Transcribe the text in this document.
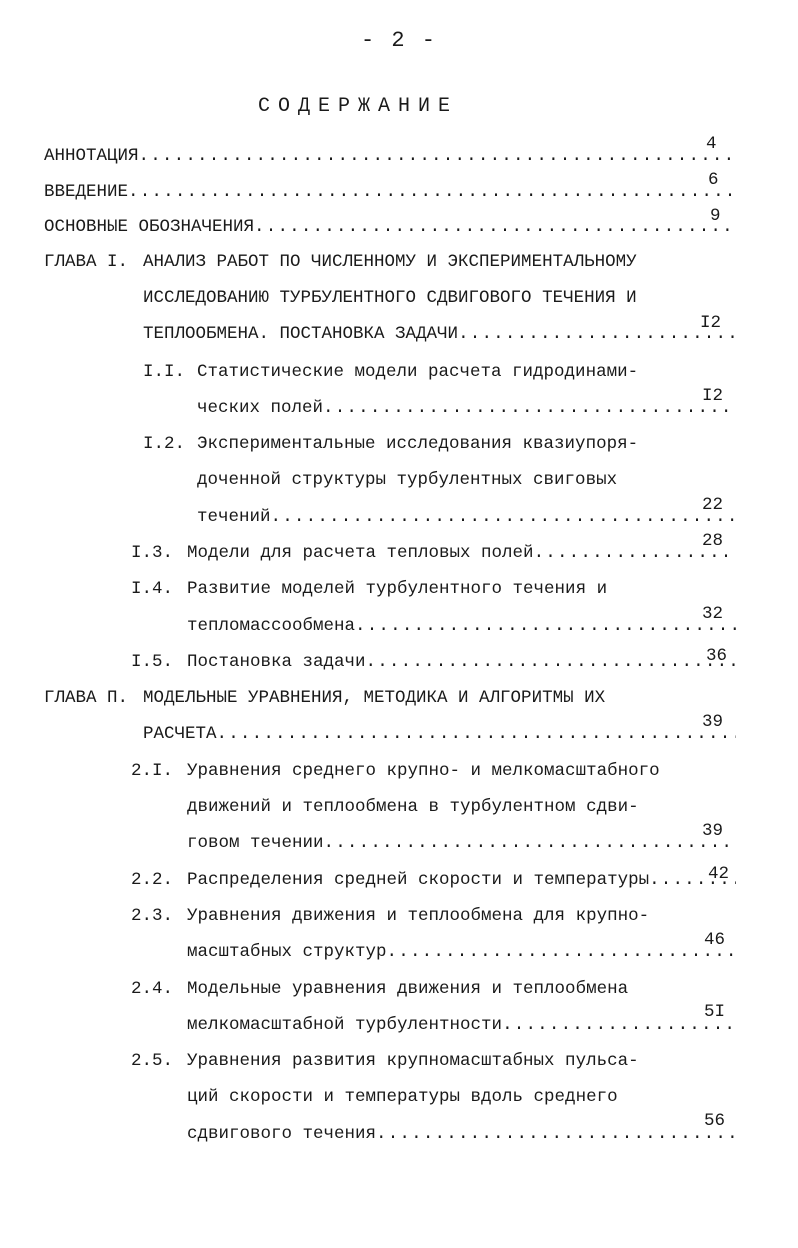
- 2 -
СОДЕРЖАНИЕ
АННОТАЦИЯ
.....
4
ВВЕДЕНИЕ
.....
6
ОСНОВНЫЕ ОБОЗНАЧЕНИЯ
.....
9
ГЛАВА I. АНАЛИЗ РАБОТ ПО ЧИСЛЕННОМУ И ЭКСПЕРИМЕНТАЛЬНОМУ
ИССЛЕДОВАНИЮ ТУРБУЛЕНТНОГО СДВИГОВОГО ТЕЧЕНИЯ И
ТЕПЛООБМЕНА. ПОСТАНОВКА ЗАДАЧИ
.....
I2
I.I. Статистические модели расчета гидродинами-
ческих полей
.....
I2
I.2. Экспериментальные исследования квазиупоря-
доченной структуры турбулентных свиговых
течений
.....
22
I.3. Модели для расчета тепловых полей
.....
28
I.4. Развитие моделей турбулентного течения и
тепломассообмена
.....
32
I.5. Постановка задачи .....	36
ГЛАВА П. МОДЕЛЬНЫЕ УРАВНЕНИЯ, МЕТОДИКА И АЛГОРИТМЫ ИХ
РАСЧЕТА
.....
39
2.I. Уравнения среднего крупно- и мелкомасштабного
движений и теплообмена в турбулентном сдви-
говом течении
.....
39
2.2. Распределения средней скорости и температуры .....	42
2.3. Уравнения движения и теплообмена для крупно-
масштабных структур
.....
46
2.4. Модельные уравнения движения и теплообмена
мелкомасштабной турбулентности
.....
5I
2.5. Уравнения развития крупномасштабных пульса-
ций скорости и температуры вдоль среднего
сдвигового течения
.....
56
